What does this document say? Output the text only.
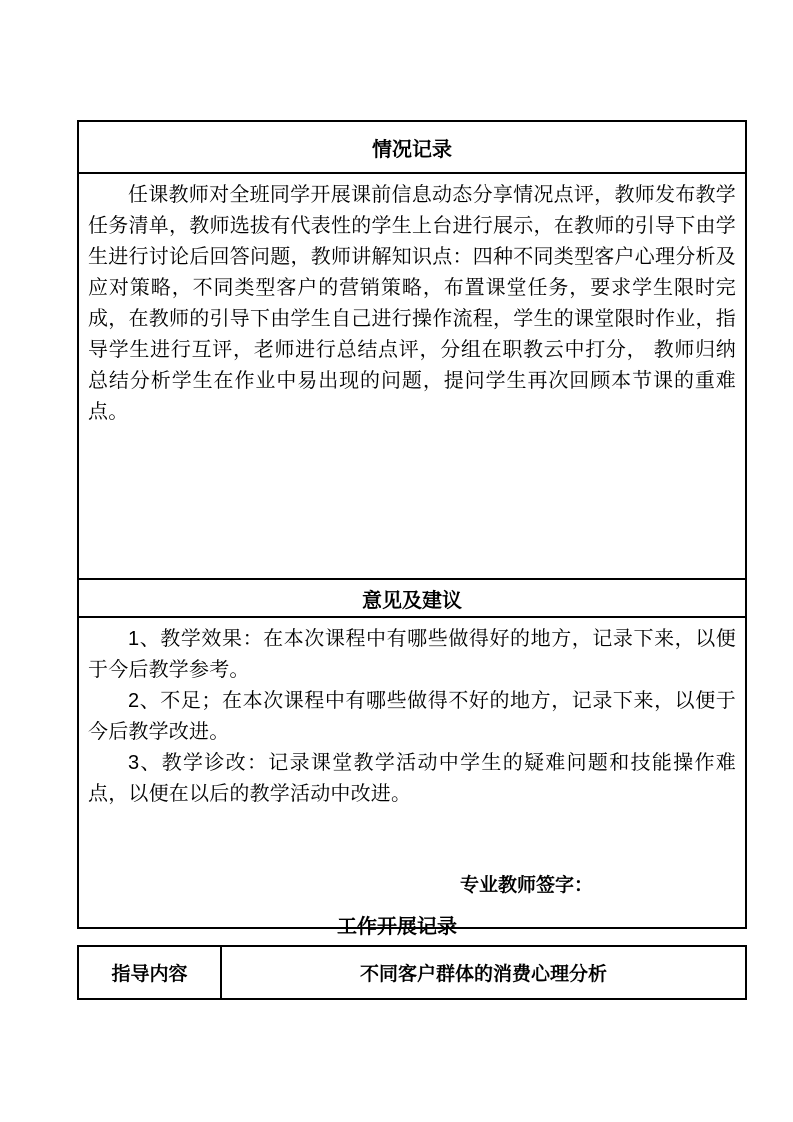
情况记录

任课教师对全班同学开展课前信息动态分享情况点评，教师发布教学任务清单，教师选拔有代表性的学生上台进行展示，在教师的引导下由学生进行讨论后回答问题，教师讲解知识点：四种不同类型客户心理分析及应对策略，不同类型客户的营销策略，布置课堂任务，要求学生限时完成，在教师的引导下由学生自己进行操作流程，学生的课堂限时作业，指导学生进行互评，老师进行总结点评，分组在职教云中打分， 教师归纳总结分析学生在作业中易出现的问题，提问学生再次回顾本节课的重难点。

意见及建议

1、教学效果：在本次课程中有哪些做得好的地方，记录下来，以便于今后教学参考。

2、不足；在本次课程中有哪些做得不好的地方，记录下来，以便于今后教学改进。

3、教学诊改：记录课堂教学活动中学生的疑难问题和技能操作难点，以便在以后的教学活动中改进。

专业教师签字：
工作开展记录
指导内容	不同客户群体的消费心理分析
